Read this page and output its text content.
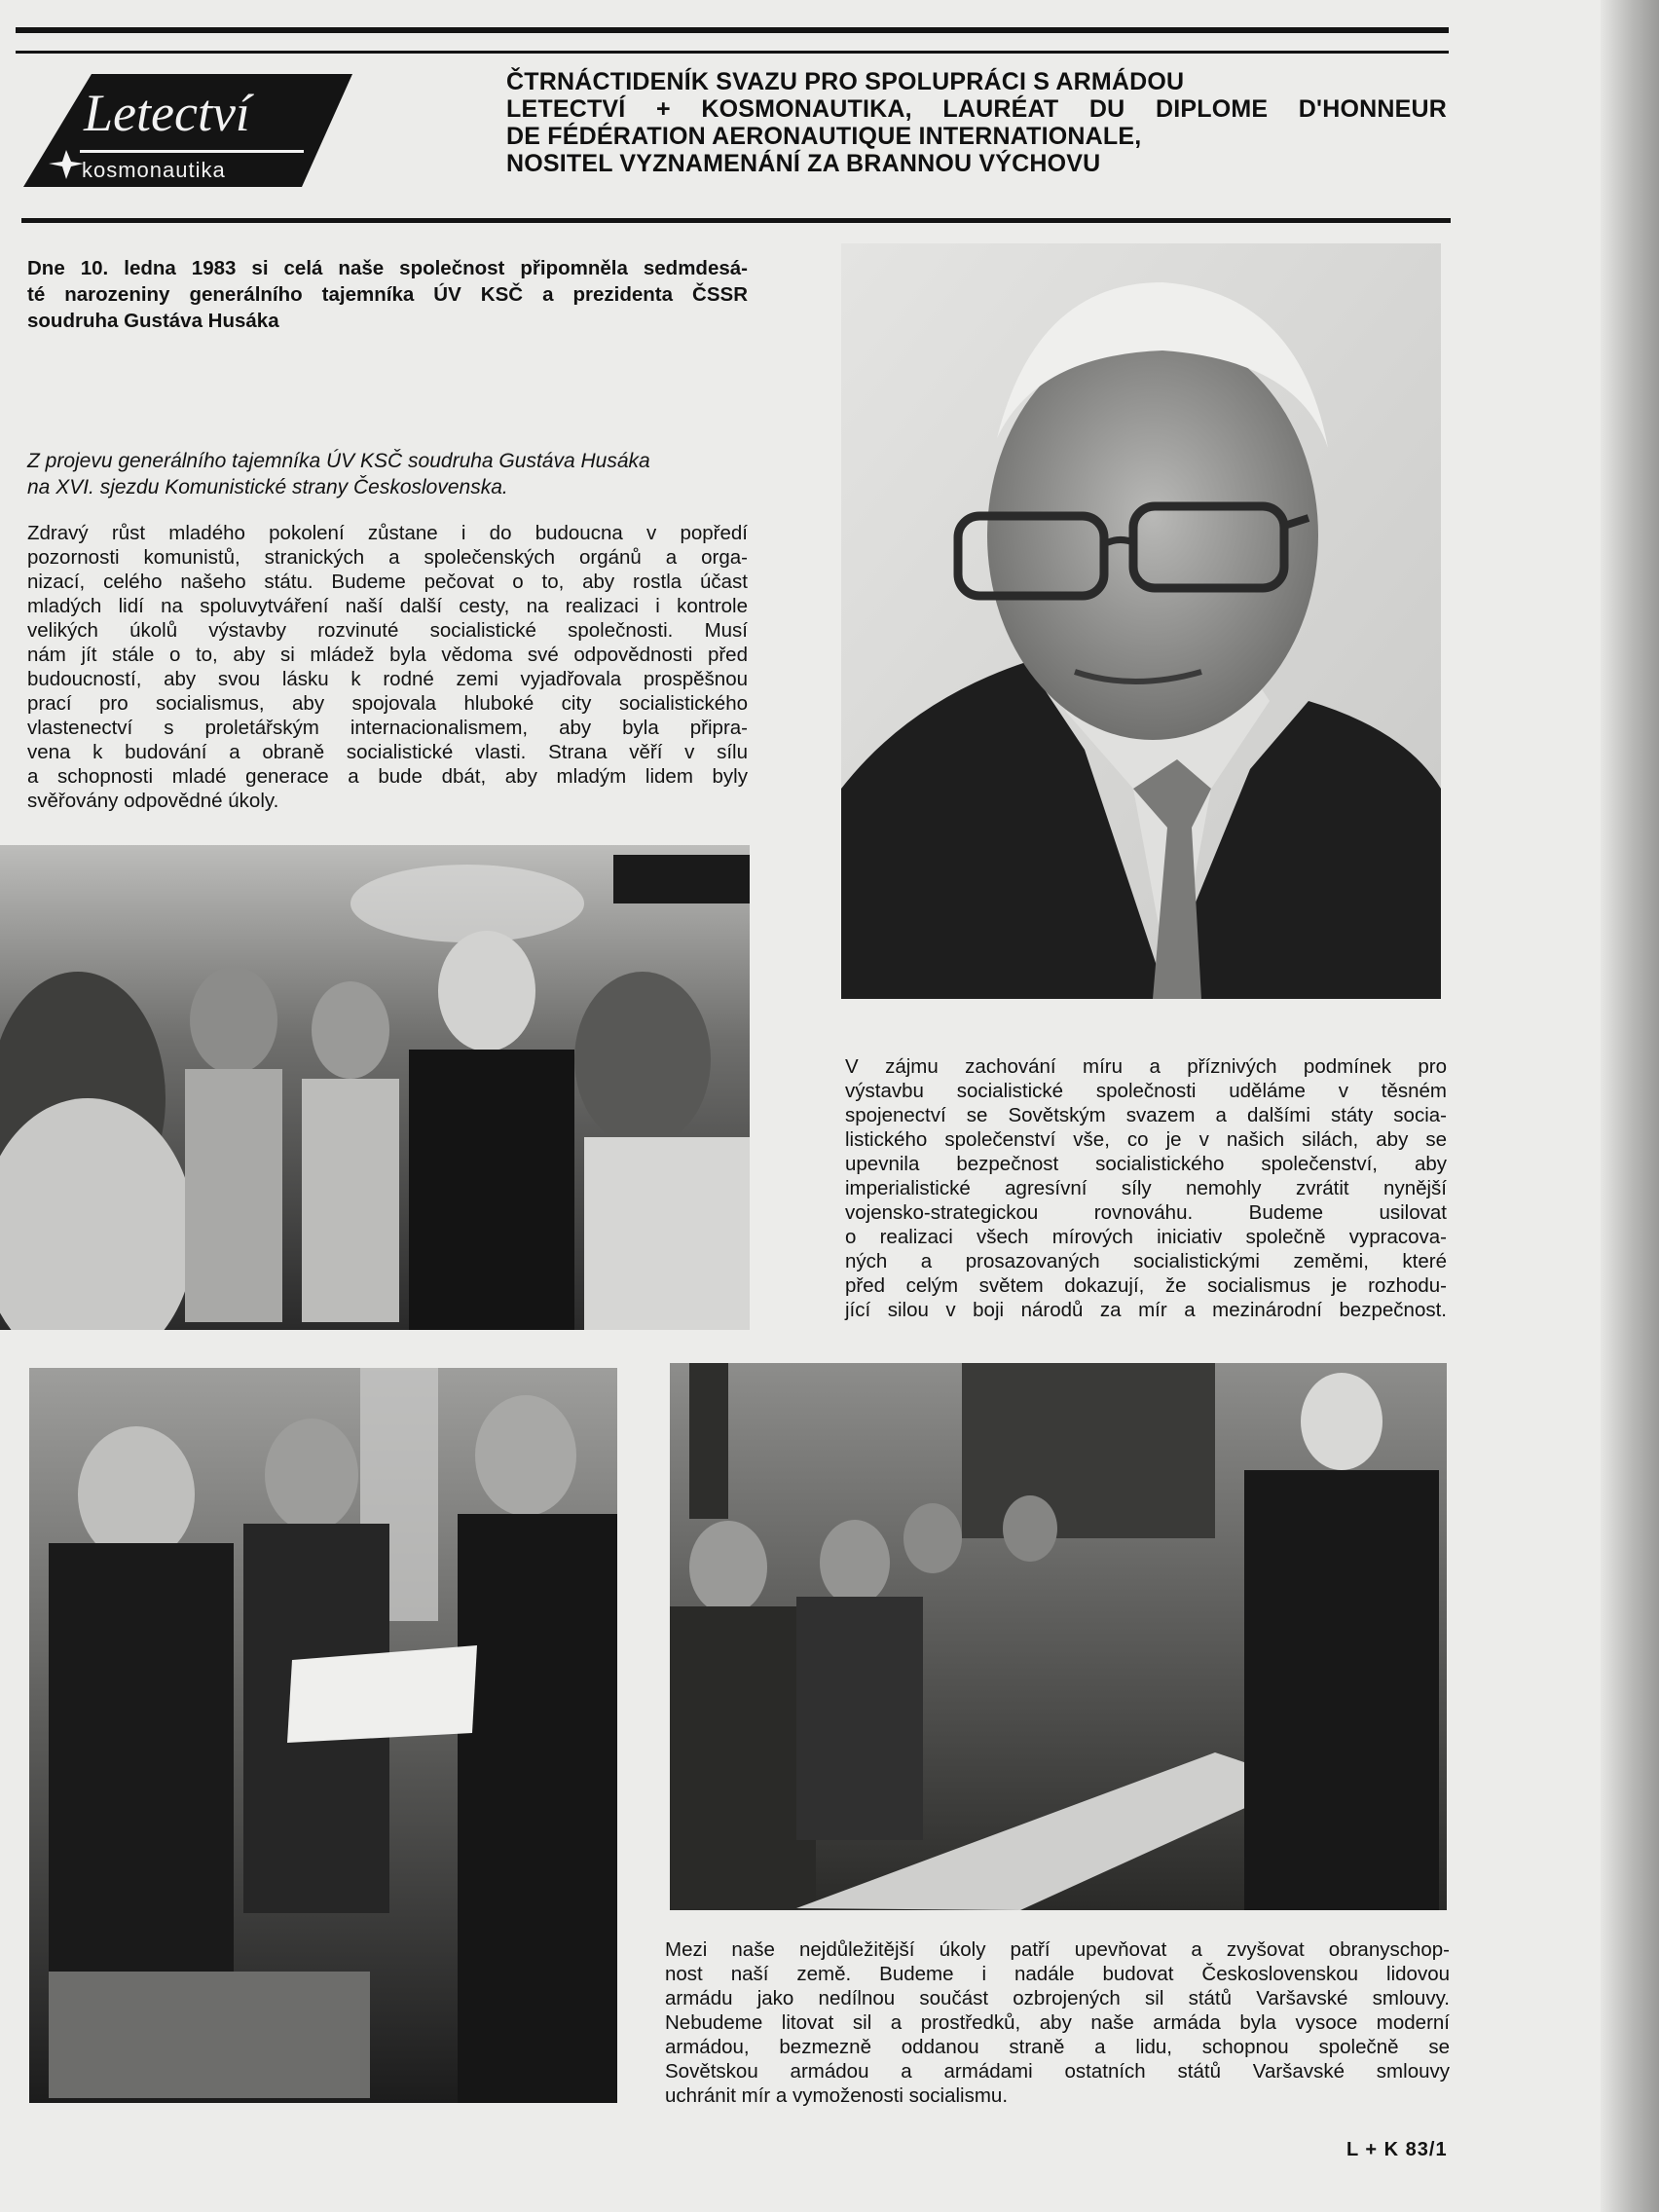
Letectví
kosmonautika
ČTRNÁCTIDENÍK SVAZU PRO SPOLUPRÁCI S ARMÁDOU
LETECTVÍ + KOSMONAUTIKA, LAURÉAT DU DIPLOME D'HONNEUR
DE FÉDÉRATION AERONAUTIQUE INTERNATIONALE,
NOSITEL VYZNAMENÁNÍ ZA BRANNOU VÝCHOVU
Dne 10. ledna 1983 si celá naše společnost připomněla sedmdesá-
té narozeniny generálního tajemníka ÚV KSČ a prezidenta ČSSR
soudruha Gustáva Husáka
Z projevu generálního tajemníka ÚV KSČ soudruha Gustáva Husáka
na XVI. sjezdu Komunistické strany Československa.
Zdravý růst mladého pokolení zůstane i do budoucna v popředí
pozornosti komunistů, stranických a společenských orgánů a orga-
nizací, celého našeho státu. Budeme pečovat o to, aby rostla účast
mladých lidí na spoluvytváření naší další cesty, na realizaci i kontrole
velikých úkolů výstavby rozvinuté socialistické společnosti. Musí
nám jít stále o to, aby si mládež byla vědoma své odpovědnosti před
budoucností, aby svou lásku k rodné zemi vyjadřovala prospěšnou
prací pro socialismus, aby spojovala hluboké city socialistického
vlastenectví s proletářským internacionalismem, aby byla připra-
vena k budování a obraně socialistické vlasti. Strana věří v sílu
a schopnosti mladé generace a bude dbát, aby mladým lidem byly
svěřovány odpovědné úkoly.
V zájmu zachování míru a příznivých podmínek pro
výstavbu socialistické společnosti uděláme v těsném
spojenectví se Sovětským svazem a dalšími státy socia-
listického společenství vše, co je v našich silách, aby se
upevnila bezpečnost socialistického společenství, aby
imperialistické agresívní síly nemohly zvrátit nynější
vojensko-strategickou rovnováhu. Budeme usilovat
o realizaci všech mírových iniciativ společně vypracova-
ných a prosazovaných socialistickými zeměmi, které
před celým světem dokazují, že socialismus je rozhodu-
jící silou v boji národů za mír a mezinárodní bezpečnost.
Mezi naše nejdůležitější úkoly patří upevňovat a zvyšovat obranyschop-
nost naší země. Budeme i nadále budovat Československou lidovou
armádu jako nedílnou součást ozbrojených sil států Varšavské smlouvy.
Nebudeme litovat sil a prostředků, aby naše armáda byla vysoce moderní
armádou, bezmezně oddanou straně a lidu, schopnou společně se
Sovětskou armádou a armádami ostatních států Varšavské smlouvy
uchránit mír a vymoženosti socialismu.
L + K 83/1
